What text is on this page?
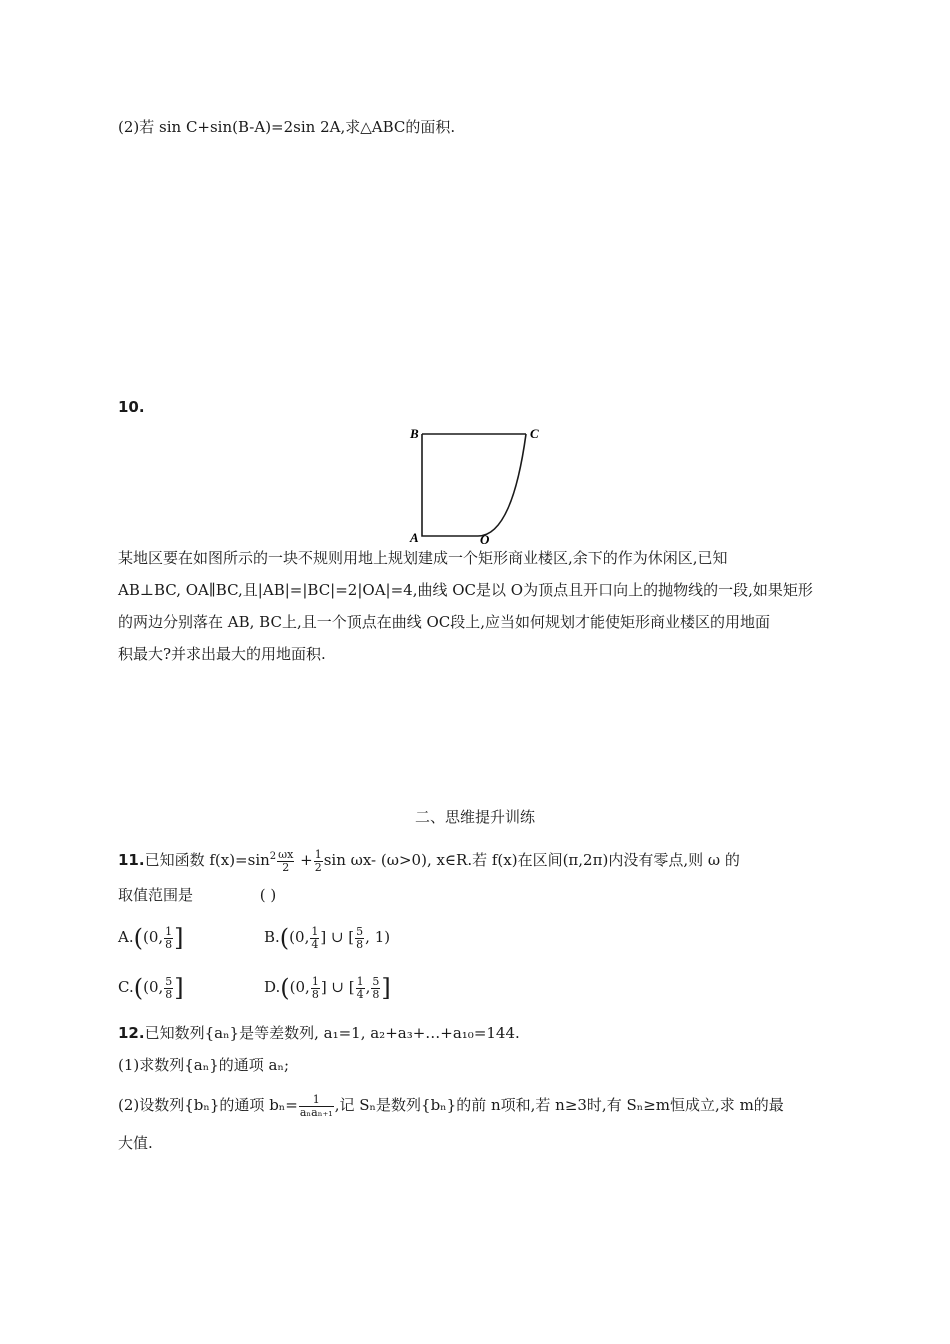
(2)若 sin C+sin(B-A)=2sin 2A,求△ABC的面积.
10.
B	C
A	O
某地区要在如图所示的一块不规则用地上规划建成一个矩形商业楼区,余下的作为休闲区,已知
AB⊥BC, OA∥BC,且|AB|=|BC|=2|OA|=4,曲线 OC是以 O为顶点且开口向上的抛物线的一段,如果矩形
的两边分别落在 AB, BC上,且一个顶点在曲线 OC段上,应当如何规划才能使矩形商业楼区的用地面
积最大?并求出最大的用地面积.
二、思维提升训练
11.已知函数 $f(x)=\sin^2 \frac{\omega x}{2} + \frac{1}{2}$ sin ωx- (ω>0), x∈R.若 f(x)在区间(π,2π)内没有零点,则 ω 的
取值范围是	( )
A.((0, $\frac{1}{8}$ ]	B.((0, $\frac{1}{4}$ ] ∪ [ $\frac{5}{8}$ , 1)
C.((0, $\frac{5}{8}$ ]	D.((0, $\frac{1}{8}$ ] ∪ [ $\frac{1}{4}$ , $\frac{5}{8}$ ]
12.已知数列{aₙ}是等差数列, a₁=1, a₂+a₃+…+a₁₀=144.
(1)求数列{aₙ}的通项 aₙ;
(2)设数列{bₙ}的通项 $b_n= \frac{1}{\text{aₙaₙ₊₁}}$ ,记 Sₙ是数列{bₙ}的前 n项和,若 n≥3时,有 Sₙ≥m恒成立,求 m的最
大值.
